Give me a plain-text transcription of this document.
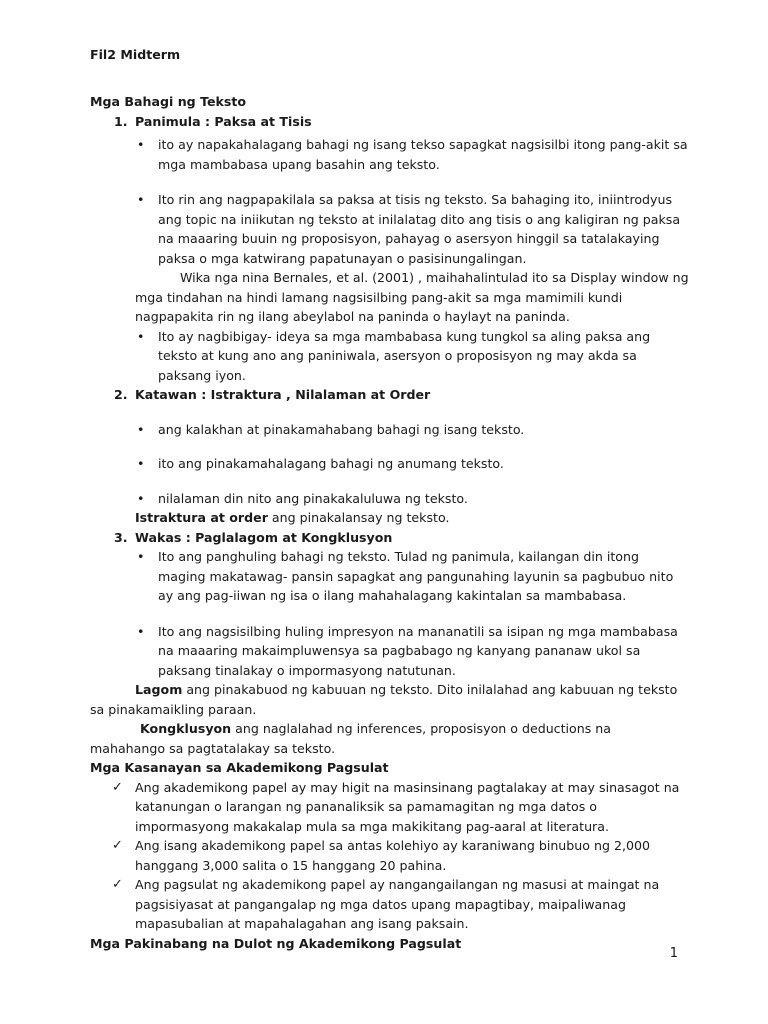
Fil2 Midterm
Mga Bahagi ng Teksto
1. Panimula : Paksa at Tisis
• ito ay napakahalagang bahagi ng isang tekso sapagkat nagsisilbi itong pang-akit sa mga mambabasa upang basahin ang teksto.
• Ito rin ang nagpapakilala sa paksa at tisis ng teksto. Sa bahaging ito, iniintrodyus ang topic na iniikutan ng teksto at inilalatag dito ang tisis o ang kaligiran ng paksa na maaaring buuin ng proposisyon, pahayag o asersyon hinggil sa tatalakaying paksa o mga katwirang papatunayan o pasisinungalingan.
Wika nga nina Bernales, et al. (2001) , maihahalintulad ito sa Display window ng mga tindahan na hindi lamang nagsisilbing pang-akit sa mga mamimili kundi nagpapakita rin ng ilang abeylabol na paninda o haylayt na paninda.
• Ito ay nagbibigay- ideya sa mga mambabasa kung tungkol sa aling paksa ang teksto at kung ano ang paniniwala, asersyon o proposisyon ng may akda sa paksang iyon.
2. Katawan : Istraktura , Nilalaman at Order
• ang kalakhan at pinakamahabang bahagi ng isang teksto.
• ito ang pinakamahalagang bahagi ng anumang teksto.
• nilalaman din nito ang pinakakaluluwa ng teksto.
Istraktura at order ang pinakalansay ng teksto.
3. Wakas : Paglalagom at Kongklusyon
• Ito ang panghuling bahagi ng teksto. Tulad ng panimula, kailangan din itong maging makatawag- pansin sapagkat ang pangunahing layunin sa pagbubuo nito ay ang pag-iiwan ng isa o ilang mahahalagang kakintalan sa mambabasa.
• Ito ang nagsisilbing huling impresyon na mananatili sa isipan ng mga mambabasa na maaaring makaimpluwensya sa pagbabago ng kanyang pananaw ukol sa paksang tinalakay o impormasyong natutunan.
Lagom ang pinakabuod ng kabuuan ng teksto. Dito inilalahad ang kabuuan ng teksto sa pinakamaikling paraan.
Kongklusyon ang naglalahad ng inferences, proposisyon o deductions na mahahango sa pagtatalakay sa teksto.
Mga Kasanayan sa Akademikong Pagsulat
✓ Ang akademikong papel ay may higit na masinsinang pagtalakay at may sinasagot na katanungan o larangan ng pananaliksik sa pamamagitan ng mga datos o impormasyong makakalap mula sa mga makikitang pag-aaral at literatura.
✓ Ang isang akademikong papel sa antas kolehiyo ay karaniwang binubuo ng 2,000 hanggang 3,000 salita o 15 hanggang 20 pahina.
✓ Ang pagsulat ng akademikong papel ay nangangailangan ng masusi at maingat na pagsisiyasat at pangangalap ng mga datos upang mapagtibay, maipaliwanag mapasubalian at mapahalagahan ang isang paksain.
Mga Pakinabang na Dulot ng Akademikong Pagsulat
1
